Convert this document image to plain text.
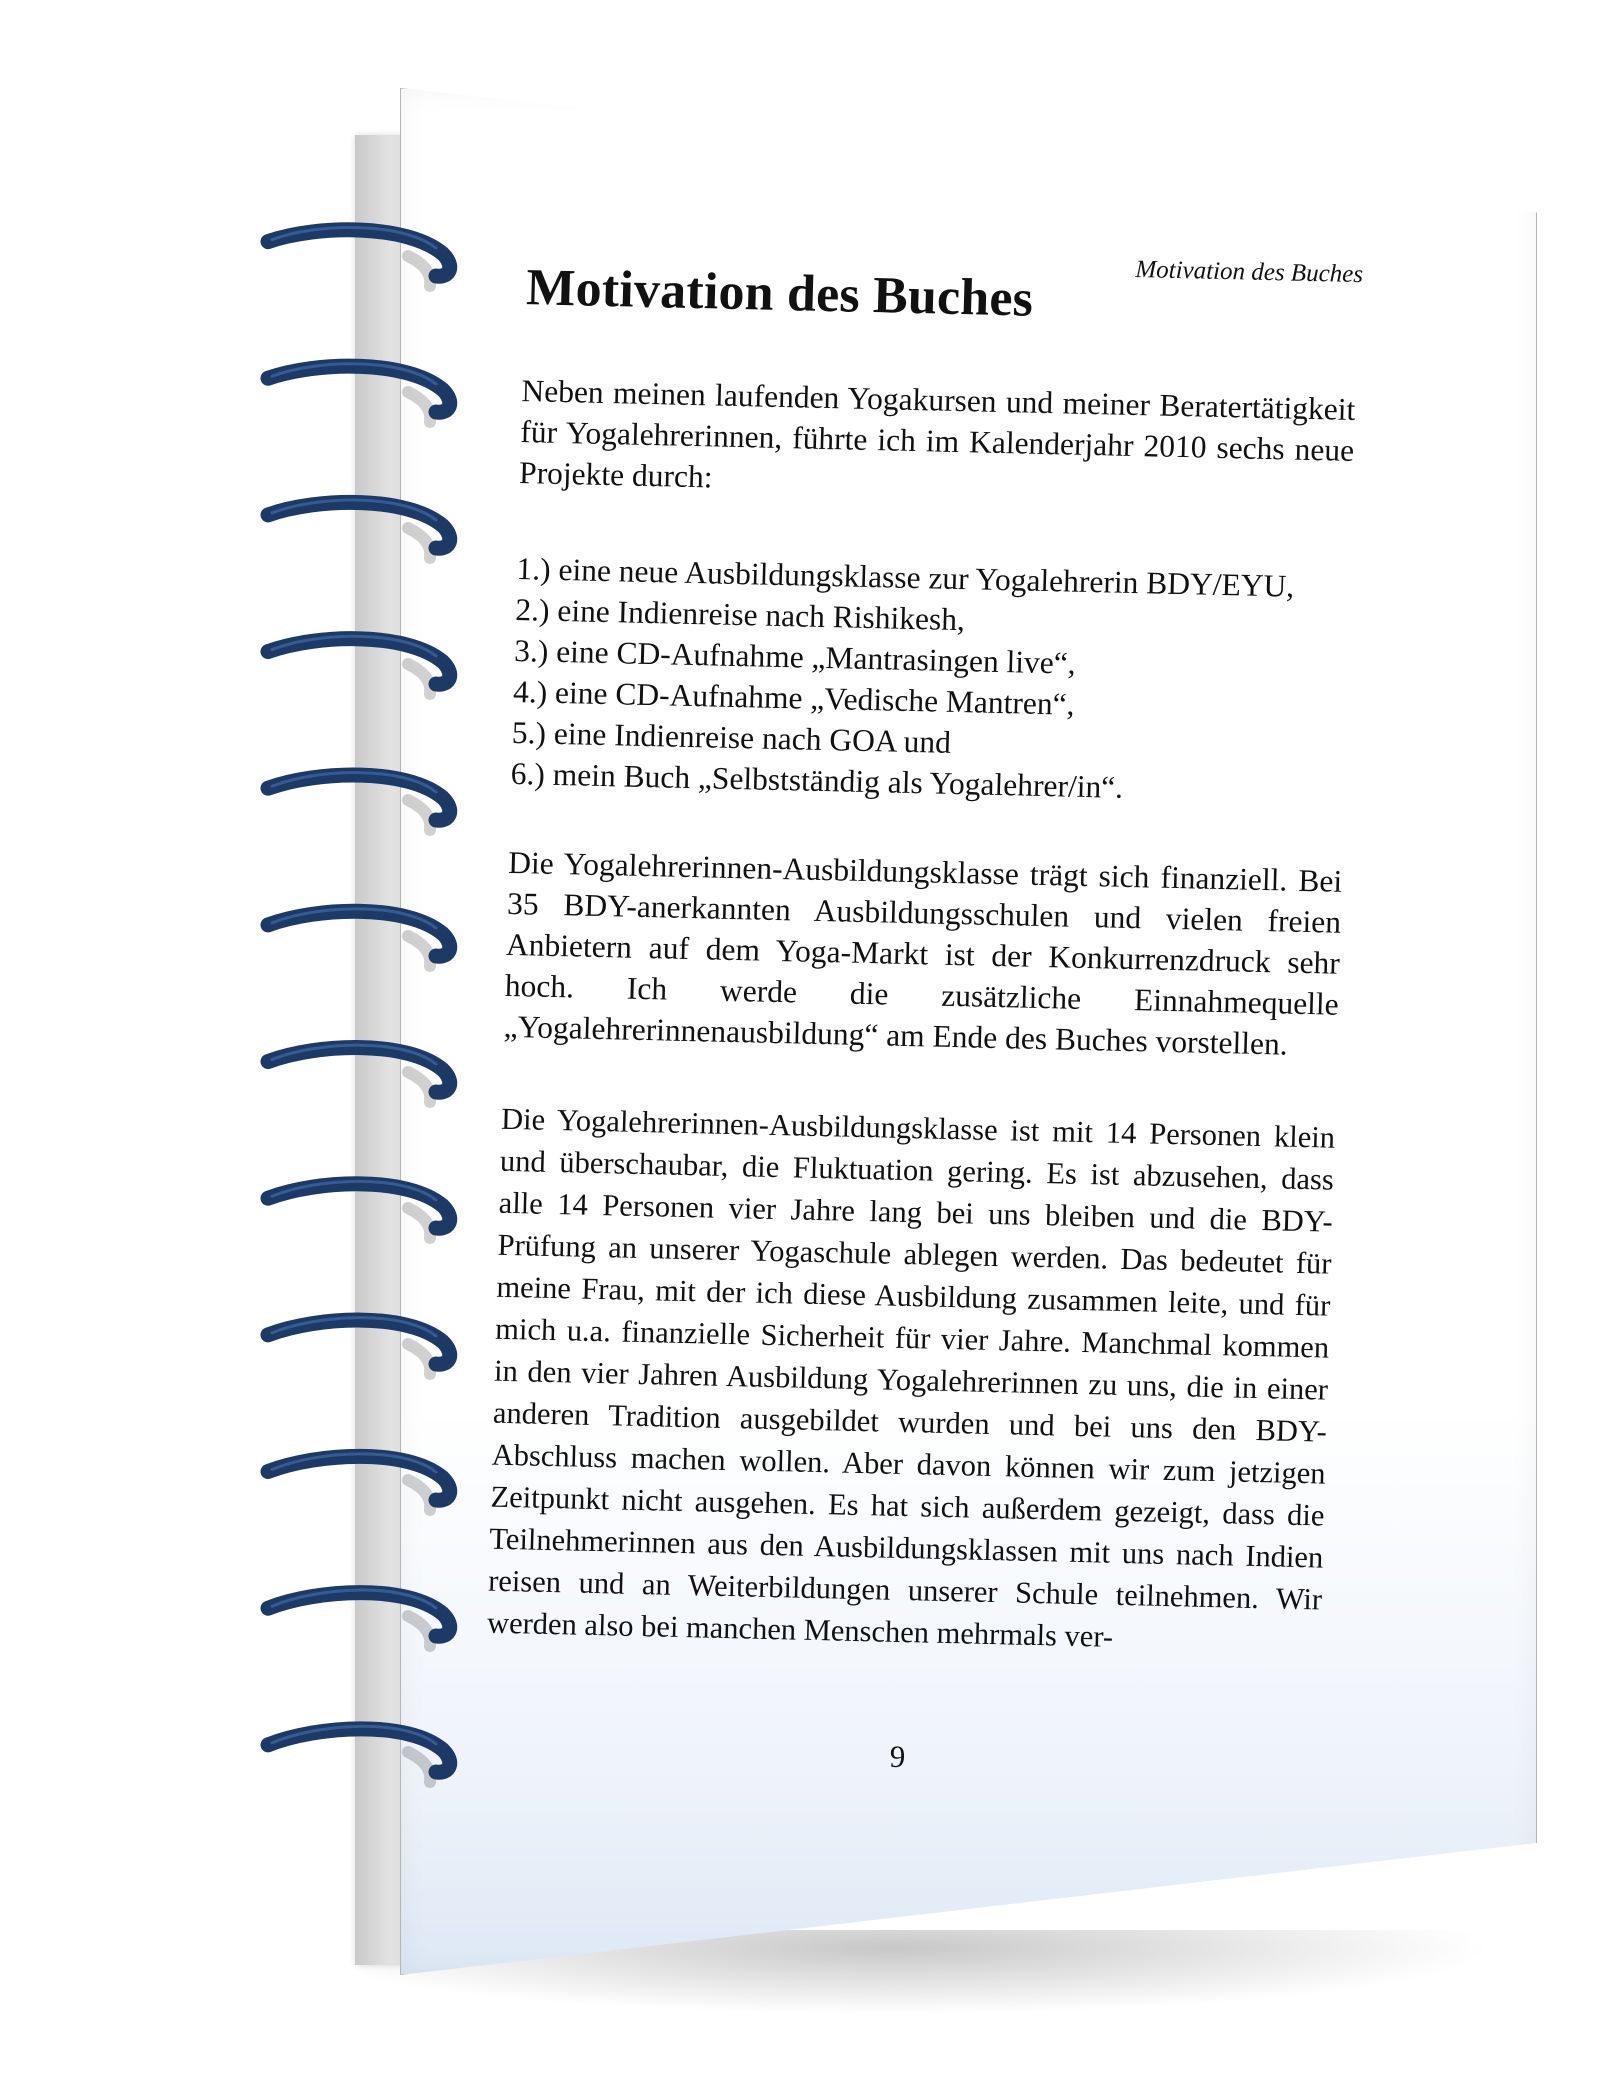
Motivation des Buches
Motivation des Buches

Neben meinen laufenden Yogakursen und meiner Beratertätigkeit für Yogalehrerinnen, führte ich im Kalenderjahr 2010 sechs neue Projekte durch:

1.) eine neue Ausbildungsklasse zur Yogalehrerin BDY/EYU,
2.) eine Indienreise nach Rishikesh,
3.) eine CD-Aufnahme „Mantrasingen live“,
4.) eine CD-Aufnahme „Vedische Mantren“,
5.) eine Indienreise nach GOA und
6.) mein Buch „Selbstständig als Yogalehrer/in“.

Die Yogalehrerinnen-Ausbildungsklasse trägt sich finanziell. Bei 35 BDY-anerkannten Ausbildungsschulen und vielen freien Anbietern auf dem Yoga-Markt ist der Konkurrenzdruck sehr hoch. Ich werde die zusätzliche Einnahmequelle „Yogalehrerinnenausbildung“ am Ende des Buches vorstellen.

Die Yogalehrerinnen-Ausbildungsklasse ist mit 14 Personen klein und überschaubar, die Fluktuation gering. Es ist abzusehen, dass alle 14 Personen vier Jahre lang bei uns bleiben und die BDY-Prüfung an unserer Yogaschule ablegen werden. Das bedeutet für meine Frau, mit der ich diese Ausbildung zusammen leite, und für mich u.a. finanzielle Sicherheit für vier Jahre. Manchmal kommen in den vier Jahren Ausbildung Yogalehrerinnen zu uns, die in einer anderen Tradition ausgebildet wurden und bei uns den BDY-Abschluss machen wollen. Aber davon können wir zum jetzigen Zeitpunkt nicht ausgehen. Es hat sich außerdem gezeigt, dass die Teilnehmerinnen aus den Ausbildungsklassen mit uns nach Indien reisen und an Weiterbildungen unserer Schule teilnehmen. Wir werden also bei manchen Menschen mehrmals ver-

9
